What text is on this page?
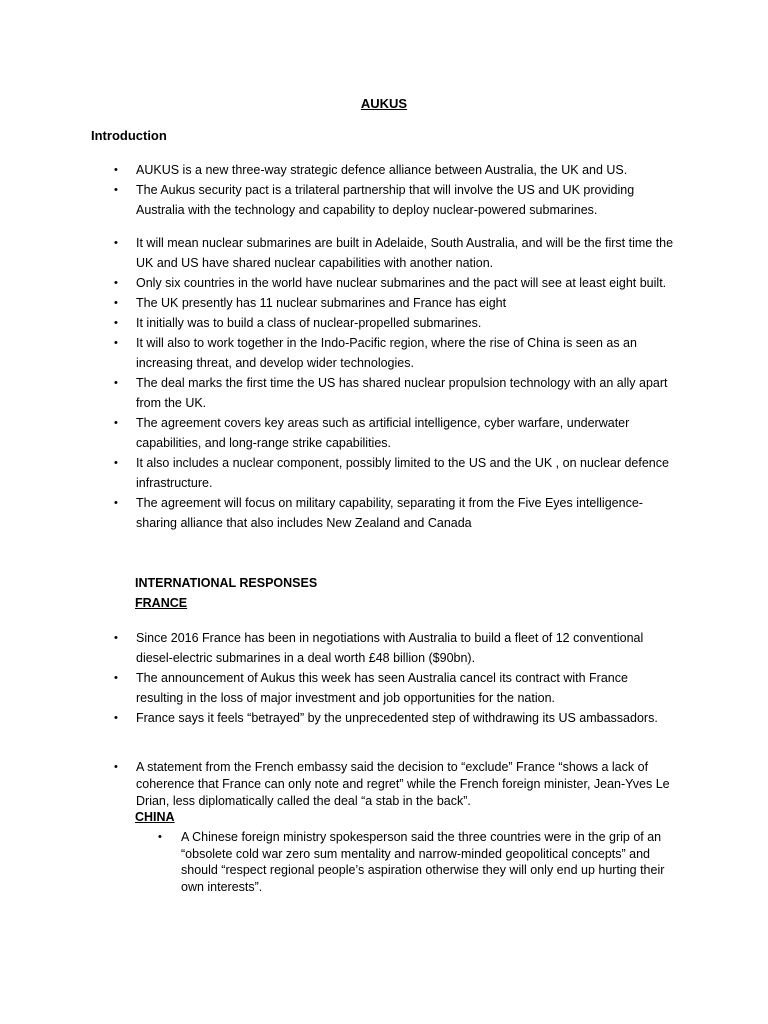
AUKUS
Introduction
• AUKUS is a new three-way strategic defence alliance between Australia, the UK and US.
• The Aukus security pact is a trilateral partnership that will involve the US and UK providing Australia with the technology and capability to deploy nuclear-powered submarines.
• It will mean nuclear submarines are built in Adelaide, South Australia, and will be the first time the UK and US have shared nuclear capabilities with another nation.
• Only six countries in the world have nuclear submarines and the pact will see at least eight built.
• The UK presently has 11 nuclear submarines and France has eight
• It initially was to build a class of nuclear-propelled submarines.
• It will also to work together in the Indo-Pacific region, where the rise of China is seen as an increasing threat, and develop wider technologies.
• The deal marks the first time the US has shared nuclear propulsion technology with an ally apart from the UK.
• The agreement covers key areas such as artificial intelligence, cyber warfare, underwater capabilities, and long-range strike capabilities.
• It also includes a nuclear component, possibly limited to the US and the UK , on nuclear defence infrastructure.
• The agreement will focus on military capability, separating it from the Five Eyes intelligence-sharing alliance that also includes New Zealand and Canada
INTERNATIONAL RESPONSES
FRANCE
• Since 2016 France has been in negotiations with Australia to build a fleet of 12 conventional diesel-electric submarines in a deal worth £48 billion ($90bn).
• The announcement of Aukus this week has seen Australia cancel its contract with France resulting in the loss of major investment and job opportunities for the nation.
• France says it feels “betrayed” by the unprecedented step of withdrawing its US ambassadors.
• A statement from the French embassy said the decision to “exclude” France “shows a lack of coherence that France can only note and regret” while the French foreign minister, Jean-Yves Le Drian, less diplomatically called the deal “a stab in the back”.
CHINA
• A Chinese foreign ministry spokesperson said the three countries were in the grip of an “obsolete cold war zero sum mentality and narrow-minded geopolitical concepts” and should “respect regional people’s aspiration otherwise they will only end up hurting their own interests”.
